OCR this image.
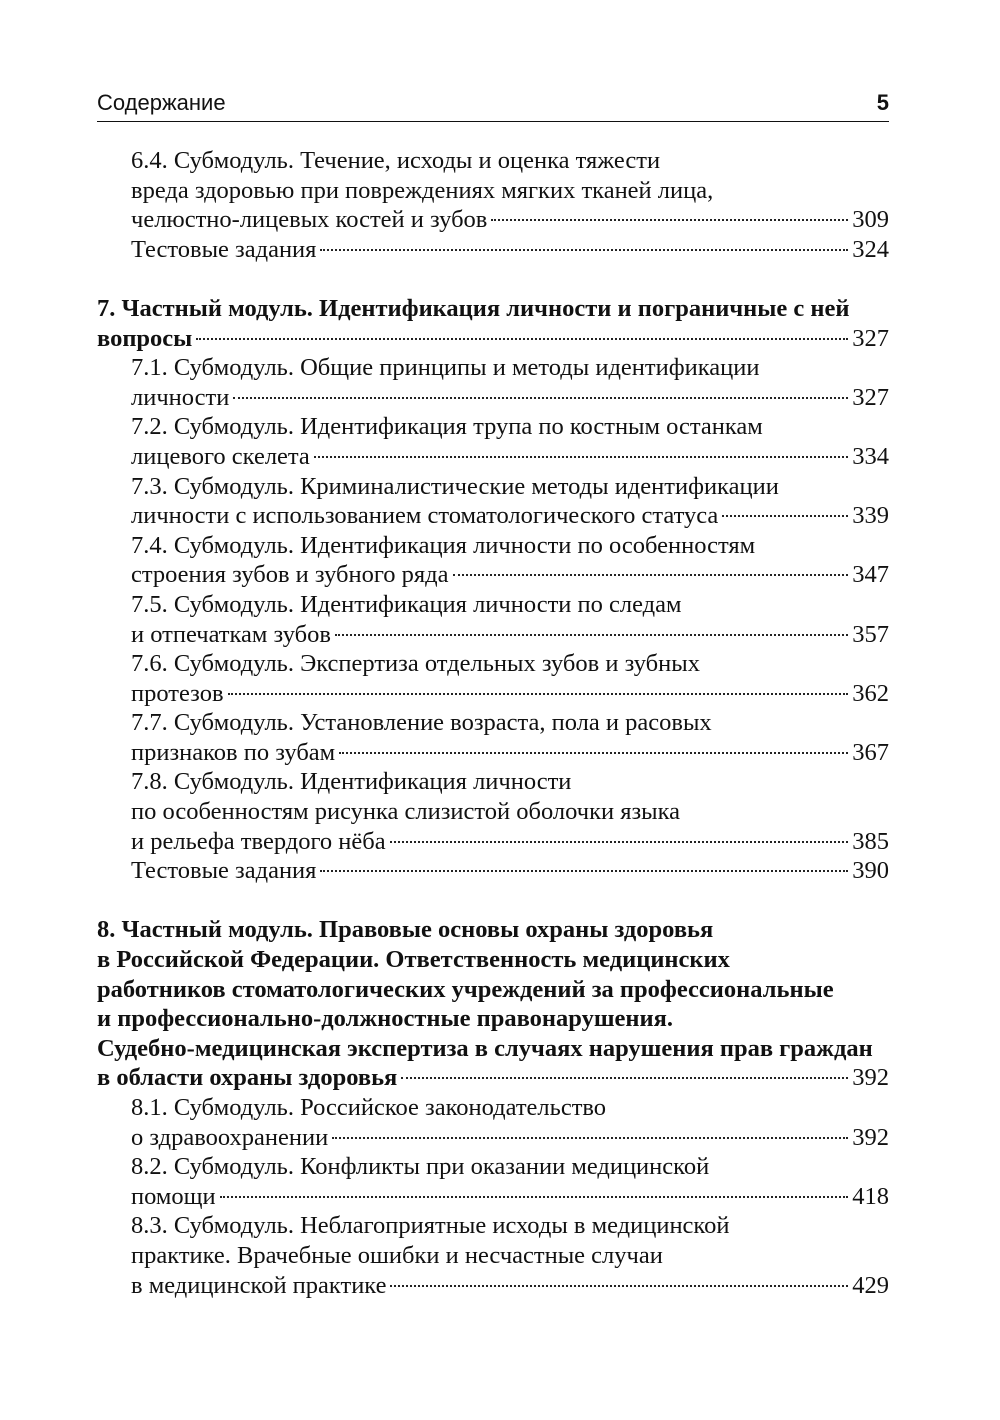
Содержание	5
6.4. Субмодуль. Течение, исходы и оценка тяжести
вреда здоровью при повреждениях мягких тканей лица,
челюстно-лицевых костей и зубов	309
Тестовые задания	324
7. Частный модуль. Идентификация личности и пограничные с ней
вопросы	327
7.1. Субмодуль. Общие принципы и методы идентификации
личности	327
7.2. Субмодуль. Идентификация трупа по костным останкам
лицевого скелета	334
7.3. Субмодуль. Криминалистические методы идентификации
личности с использованием стоматологического статуса	339
7.4. Субмодуль. Идентификация личности по особенностям
строения зубов и зубного ряда	347
7.5. Субмодуль. Идентификация личности по следам
и отпечаткам зубов	357
7.6. Субмодуль. Экспертиза отдельных зубов и зубных
протезов	362
7.7. Субмодуль. Установление возраста, пола и расовых
признаков по зубам	367
7.8. Субмодуль. Идентификация личности
по особенностям рисунка слизистой оболочки языка
и рельефа твердого нёба	385
Тестовые задания	390
8. Частный модуль. Правовые основы охраны здоровья
в Российской Федерации. Ответственность медицинских
работников стоматологических учреждений за профессиональные
и профессионально-должностные правонарушения.
Судебно-медицинская экспертиза в случаях нарушения прав граждан
в области охраны здоровья	392
8.1. Субмодуль. Российское законодательство
о здравоохранении	392
8.2. Субмодуль. Конфликты при оказании медицинской
помощи	418
8.3. Субмодуль. Неблагоприятные исходы в медицинской
практике. Врачебные ошибки и несчастные случаи
в медицинской практике	429
